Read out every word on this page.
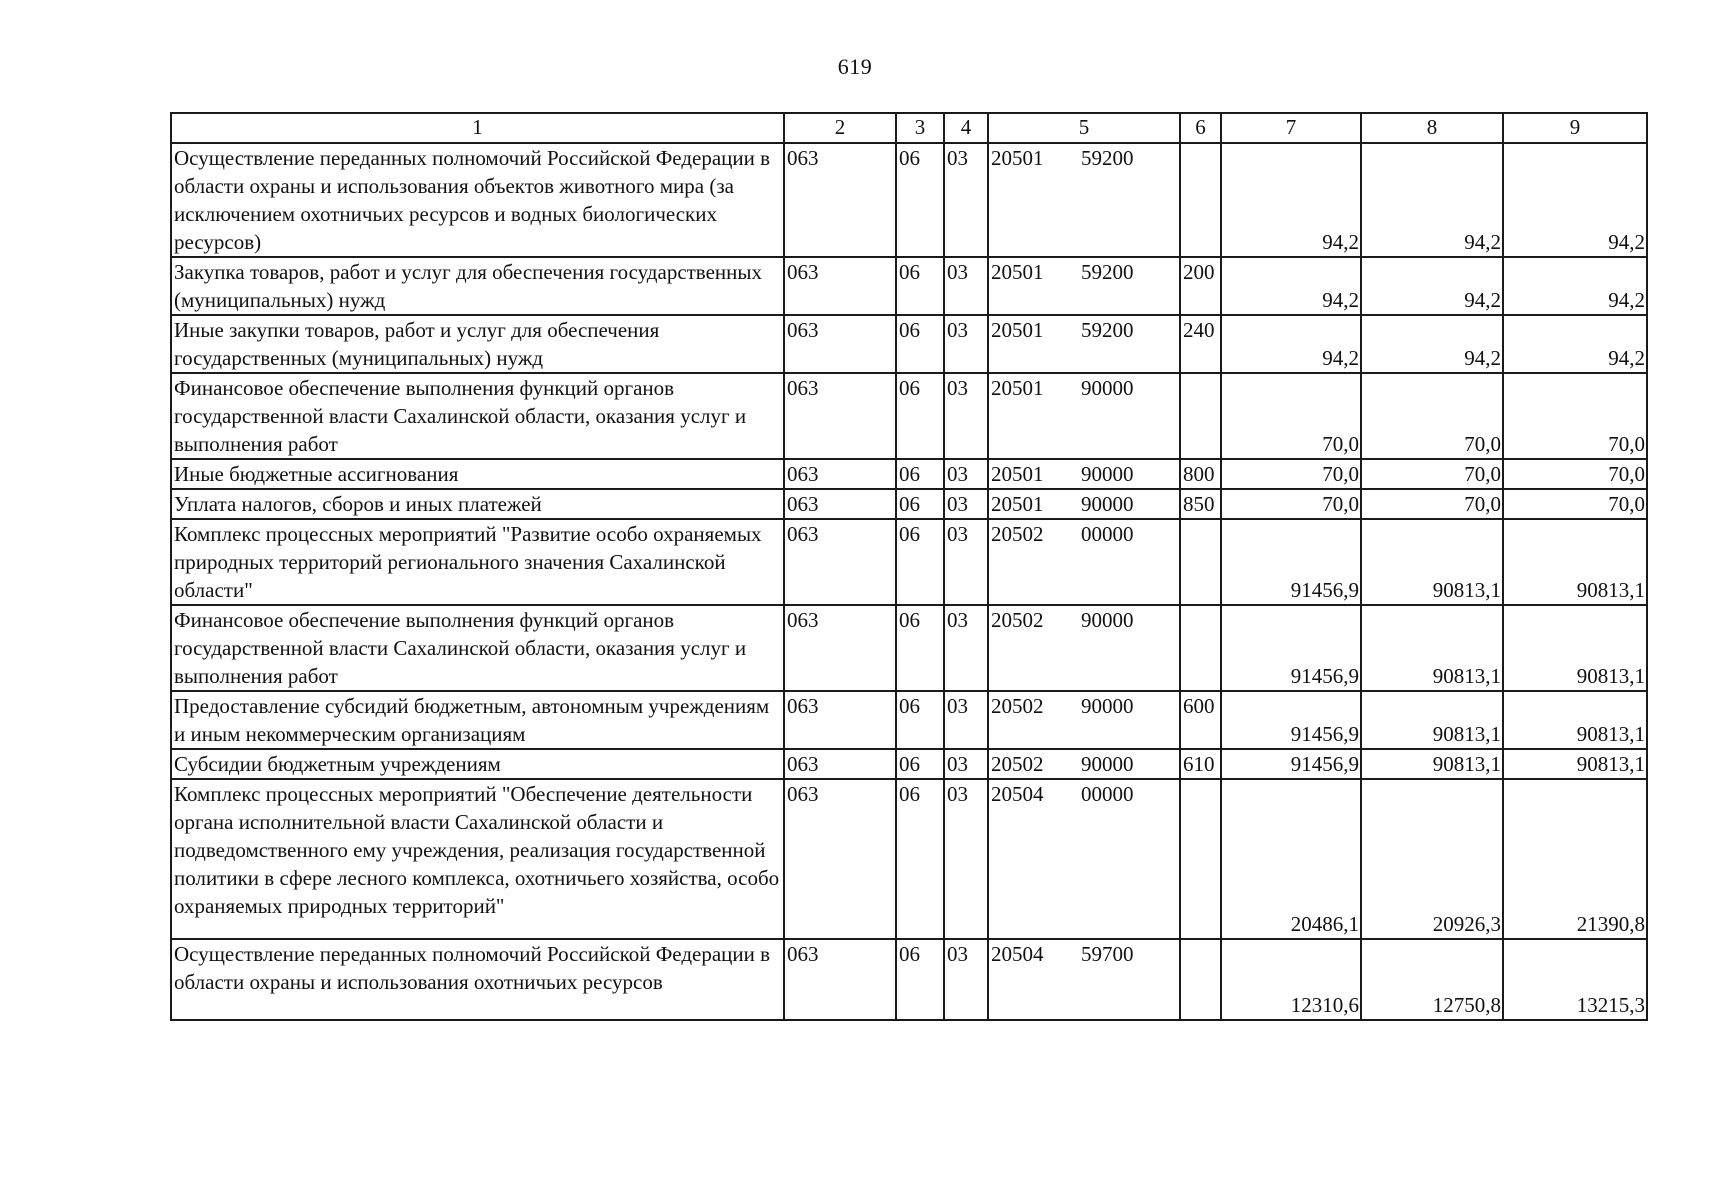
619
1	2	3	4	5	6	7	8	9
Осуществление переданных полномочий Российской Федерации в области охраны и использования объектов животного мира (за исключением охотничьих ресурсов и водных биологических ресурсов)	063	06	03	20501 59200		94,2	94,2	94,2
Закупка товаров, работ и услуг для обеспечения государственных (муниципальных) нужд	063	06	03	20501 59200	200	94,2	94,2	94,2
Иные закупки товаров, работ и услуг для обеспечения государственных (муниципальных) нужд	063	06	03	20501 59200	240	94,2	94,2	94,2
Финансовое обеспечение выполнения функций органов государственной власти Сахалинской области, оказания услуг и выполнения работ	063	06	03	20501 90000		70,0	70,0	70,0
Иные бюджетные ассигнования	063	06	03	20501 90000	800	70,0	70,0	70,0
Уплата налогов, сборов и иных платежей	063	06	03	20501 90000	850	70,0	70,0	70,0
Комплекс процессных мероприятий "Развитие особо охраняемых природных территорий регионального значения Сахалинской области"	063	06	03	20502 00000		91456,9	90813,1	90813,1
Финансовое обеспечение выполнения функций органов государственной власти Сахалинской области, оказания услуг и выполнения работ	063	06	03	20502 90000		91456,9	90813,1	90813,1
Предоставление субсидий бюджетным, автономным учреждениям и иным некоммерческим организациям	063	06	03	20502 90000	600	91456,9	90813,1	90813,1
Субсидии бюджетным учреждениям	063	06	03	20502 90000	610	91456,9	90813,1	90813,1
Комплекс процессных мероприятий "Обеспечение деятельности органа исполнительной власти Сахалинской области и подведомственного ему учреждения, реализация государственной политики в сфере лесного комплекса, охотничьего хозяйства, особо охраняемых природных территорий"	063	06	03	20504 00000		20486,1	20926,3	21390,8
Осуществление переданных полномочий Российской Федерации в области охраны и использования охотничьих ресурсов	063	06	03	20504 59700		12310,6	12750,8	13215,3
